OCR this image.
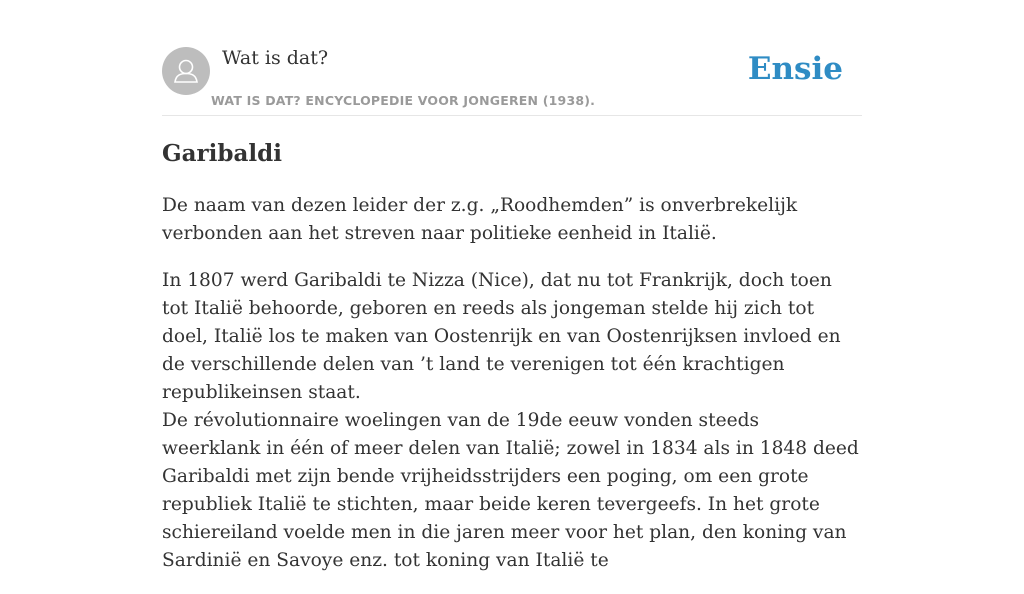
Wat is dat?
WAT IS DAT? ENCYCLOPEDIE VOOR JONGEREN (1938).
Ensie
Garibaldi

De naam van dezen leider der z.g. „Roodhemden” is onverbrekelijk verbonden aan het streven naar politieke eenheid in Italië.

In 1807 werd Garibaldi te Nizza (Nice), dat nu tot Frankrijk, doch toen tot Italië behoorde, geboren en reeds als jongeman stelde hij zich tot doel, Italië los te maken van Oostenrijk en van Oostenrijksen invloed en de verschillende delen van ’t land te verenigen tot één krachtigen republikeinsen staat.

De révolutionnaire woelingen van de 19de eeuw vonden steeds weerklank in één of meer delen van Italië; zowel in 1834 als in 1848 deed Garibaldi met zijn bende vrijheidsstrijders een poging, om een grote republiek Italië te stichten, maar beide keren tevergeefs. In het grote schiereiland voelde men in die jaren meer voor het plan, den koning van Sardinië en Savoye enz. tot koning van Italië te
